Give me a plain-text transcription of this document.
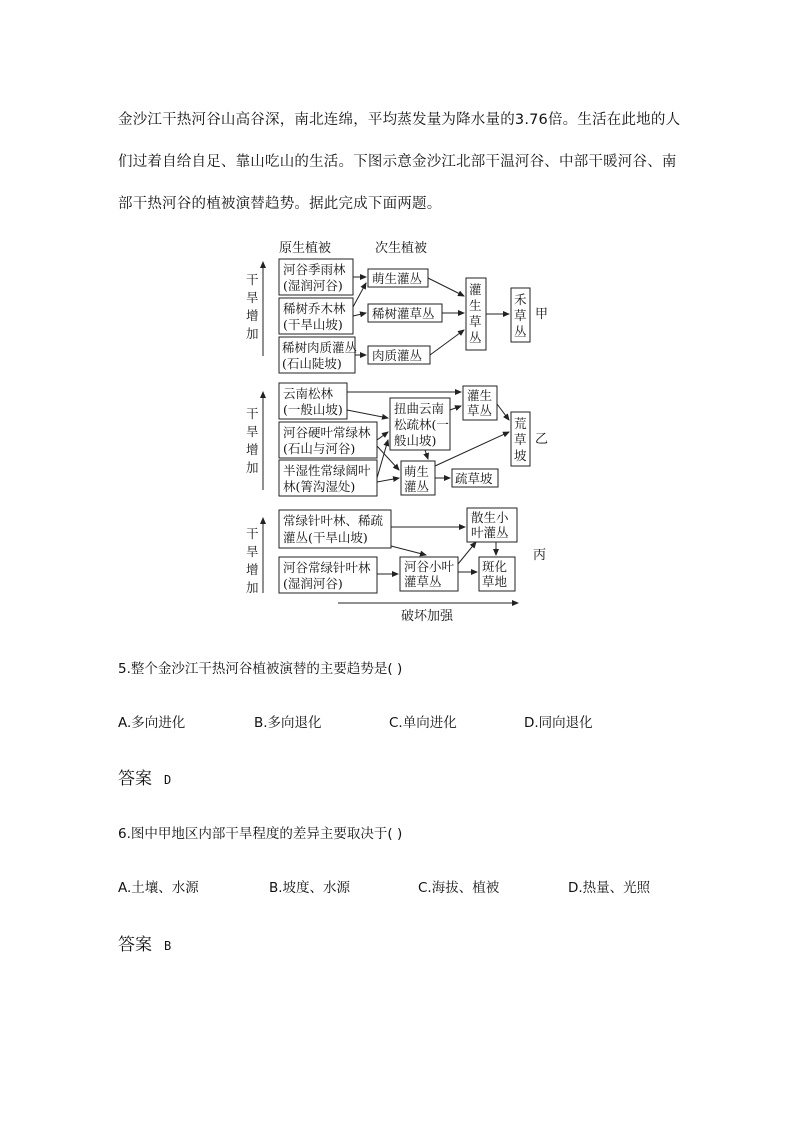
金沙江干热河谷山高谷深，南北连绵，平均蒸发量为降水量的3.76倍。生活在此地的人
们过着自给自足、靠山吃山的生活。下图示意金沙江北部干温河谷、中部干暖河谷、南
部干热河谷的植被演替趋势。据此完成下面两题。
原生植被	次生植被
干
旱
增
加
河谷季雨林
(湿润河谷)
稀树乔木林
(干旱山坡)
稀树肉质灌丛
(石山陡坡)
萌生灌丛
稀树灌草丛
肉质灌丛
灌
生
草
丛
禾
草
丛
甲
干
旱
增
加
云南松林
(一般山坡)
河谷硬叶常绿林
(石山与河谷)
半湿性常绿阔叶
林(箐沟湿处)
扭曲云南
松疏林(一
般山坡)
灌生
草丛
萌生
灌丛
疏草坡
荒
草
坡
乙
干
旱
增
加
常绿针叶林、稀疏
灌丛(干旱山坡)
河谷常绿针叶林
(湿润河谷)
散生小
叶灌丛
河谷小叶
灌草丛
斑化
草地
丙
破坏加强
5.整个金沙江干热河谷植被演替的主要趋势是( )
A.多向进化	B.多向退化	C.单向进化	D.同向退化
答案 D
6.图中甲地区内部干旱程度的差异主要取决于( )
A.土壤、水源	B.坡度、水源	C.海拔、植被	D.热量、光照
答案 B
